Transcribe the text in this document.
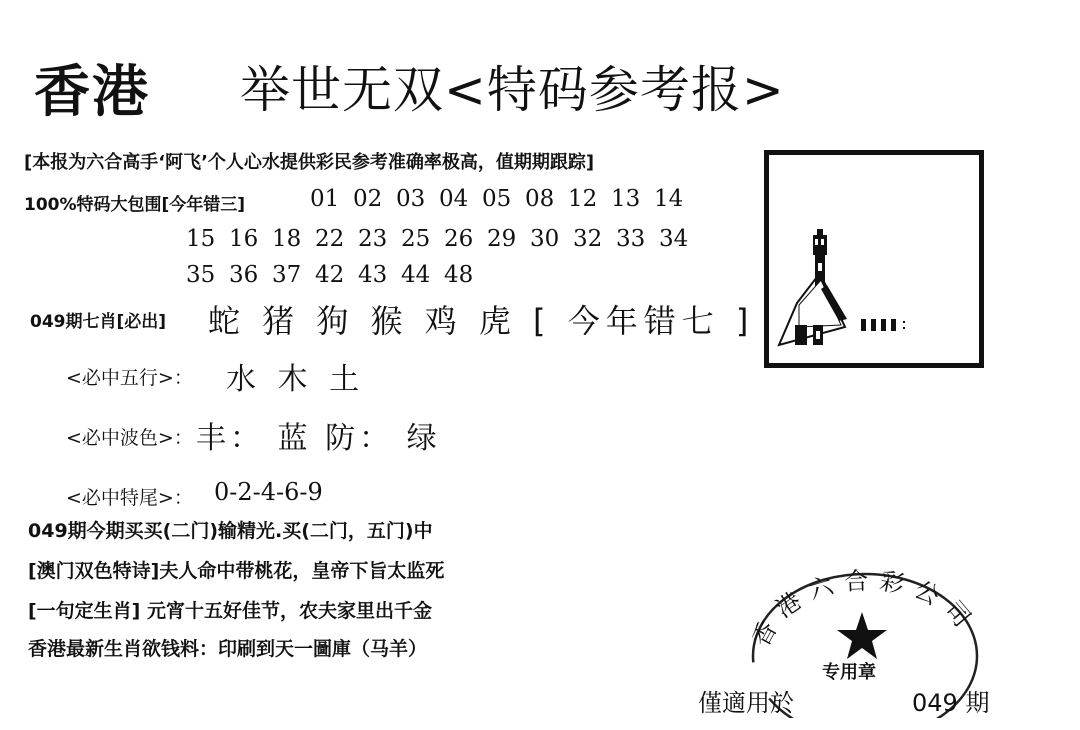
香港 举世无双<特码参考报>
[本报为六合高手‘阿飞’个人心水提供彩民参考准确率极高，值期期跟踪]
100%特码大包围[今年错三]	01 02 03 04 05 08 12 13 14
15 16 18 22 23 25 26 29 30 32 33 34
35 36 37 42 43 44 48
049期七肖[必出] 蛇 猪 狗 猴 鸡 虎 [ 今年错七 ]
<必中五行>： 水 木 土
<必中波色>： 丰： 蓝 防： 绿
<必中特尾>： 0-2-4-6-9
049期今期买买(二门)输精光.买(二门，五门)中
[澳门双色特诗]夫人命中带桃花，皇帝下旨太监死
[一句定生肖] 元宵十五好佳节，农夫家里出千金
香港最新生肖欲钱料：印刷到天一圖庫（马羊）	香港六合彩公司
专用章
僅適用於	049 期
